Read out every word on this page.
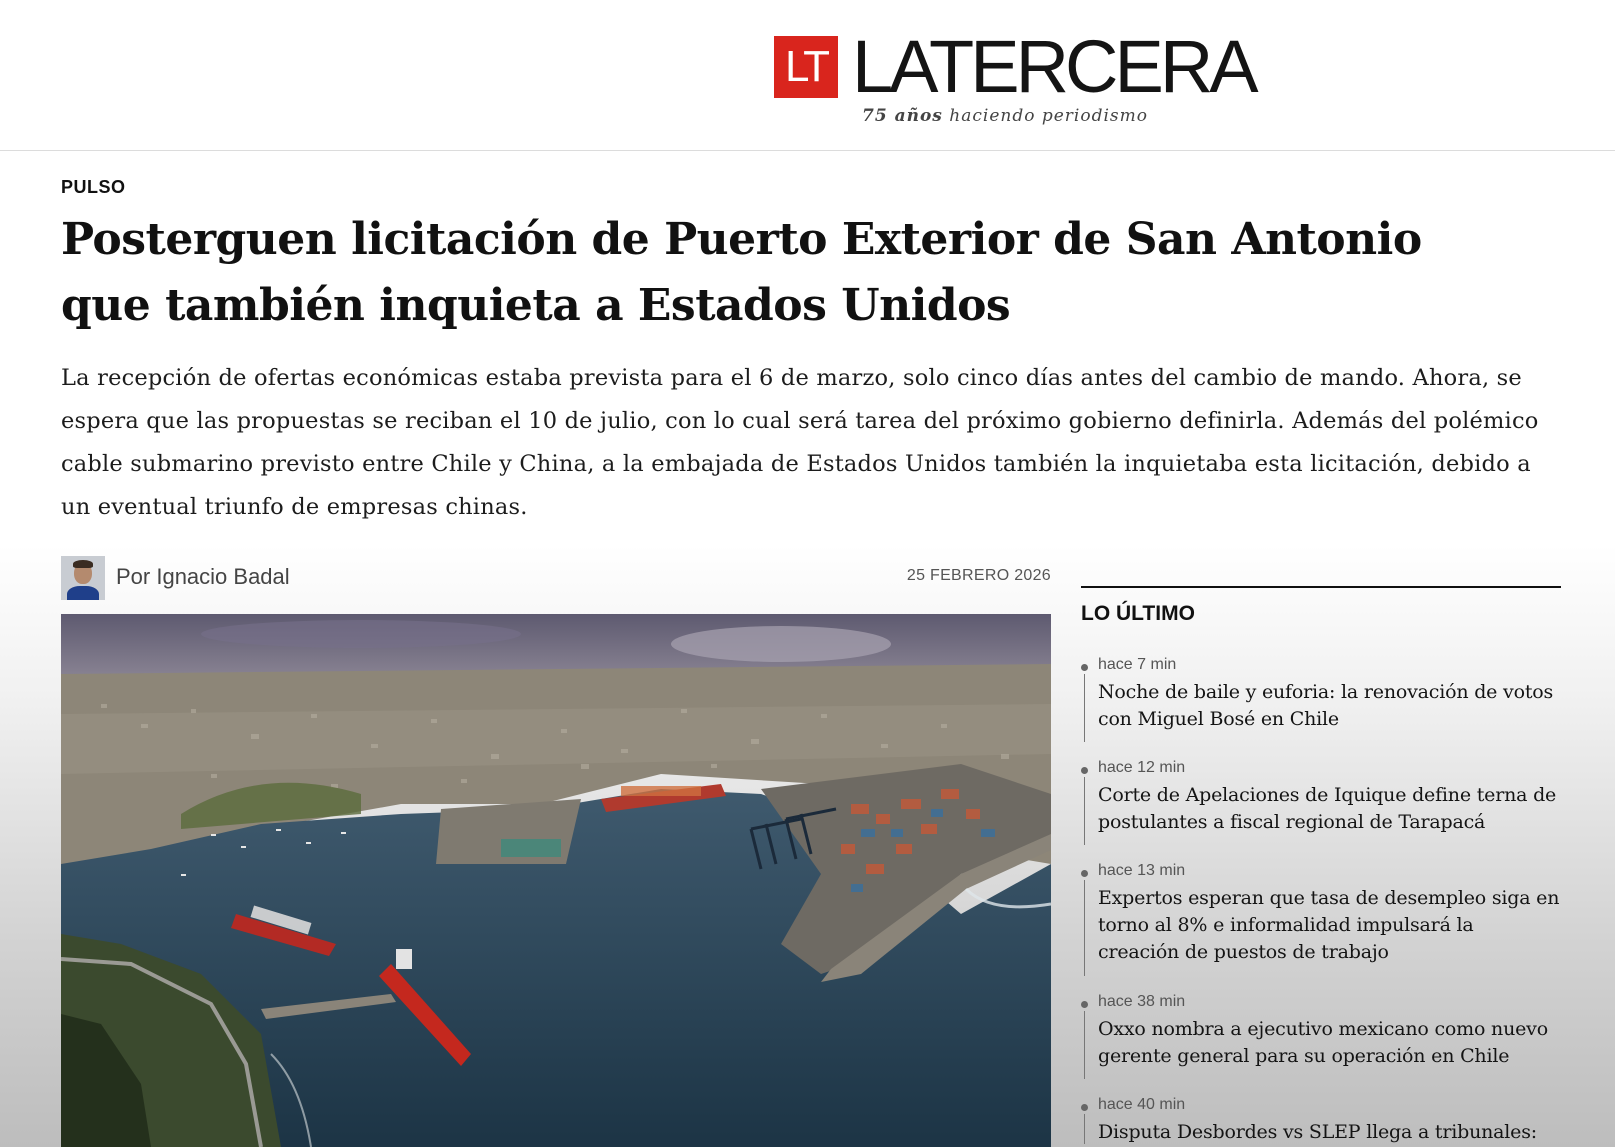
LT LATERCERA
75 años haciendo periodismo
PULSO
Posterguen licitación de Puerto Exterior de San Antonio que también inquieta a Estados Unidos

La recepción de ofertas económicas estaba prevista para el 6 de marzo, solo cinco días antes del cambio de mando. Ahora, se espera que las propuestas se reciban el 10 de julio, con lo cual será tarea del próximo gobierno definirla. Además del polémico cable submarino previsto entre Chile y China, a la embajada de Estados Unidos también la inquietaba esta licitación, debido a un eventual triunfo de empresas chinas.

Por Ignacio Badal	25 FEBRERO 2026
LO ÚLTIMO
hace 7 min
Noche de baile y euforia: la renovación de votos con Miguel Bosé en Chile
hace 12 min
Corte de Apelaciones de Iquique define terna de postulantes a fiscal regional de Tarapacá
hace 13 min
Expertos esperan que tasa de desempleo siga en torno al 8% e informalidad impulsará la creación de puestos de trabajo
hace 38 min
Oxxo nombra a ejecutivo mexicano como nuevo gerente general para su operación en Chile
hace 40 min
Disputa Desbordes vs SLEP llega a tribunales:
